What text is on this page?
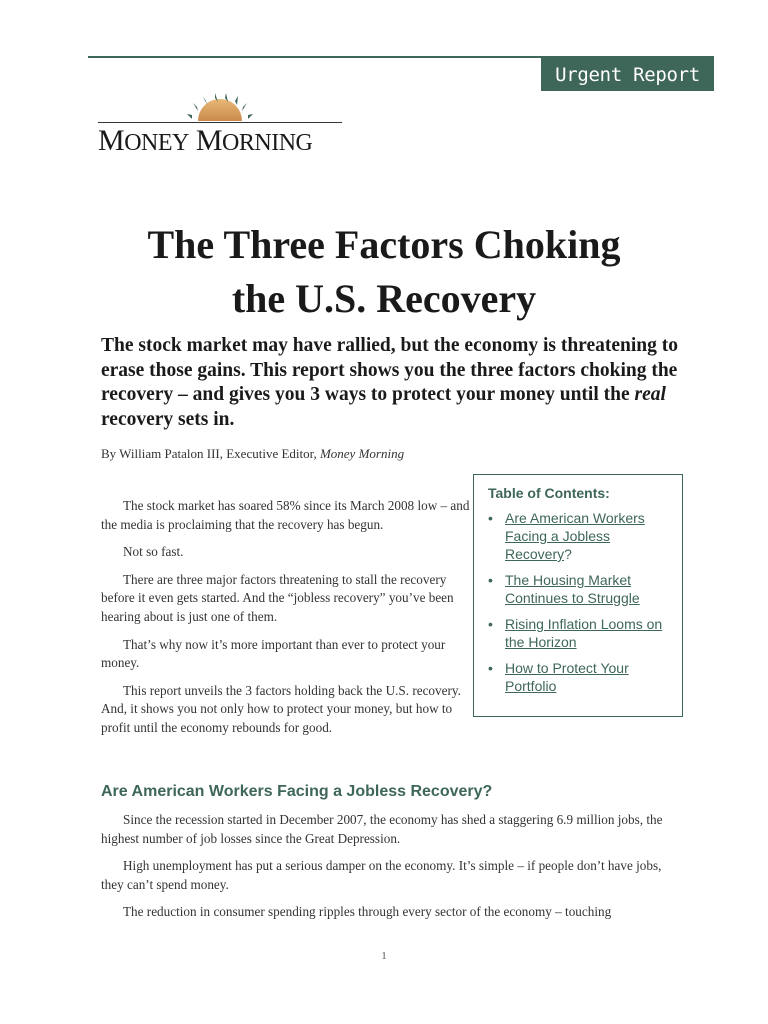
Urgent Report
MONEY MORNING
The Three Factors Choking
the U.S. Recovery
The stock market may have rallied, but the economy is threatening to erase those gains. This report shows you the three factors choking the recovery – and gives you 3 ways to protect your money until the real recovery sets in.
By William Patalon III, Executive Editor, Money Morning

The stock market has soared 58% since its March 2008 low – and the media is proclaiming that the recovery has begun.

Not so fast.

There are three major factors threatening to stall the recovery before it even gets started. And the “jobless recovery” you’ve been hearing about is just one of them.

That’s why now it’s more important than ever to protect your money.

This report unveils the 3 factors holding back the U.S. recovery. And, it shows you not only how to protect your money, but how to profit until the economy rebounds for good.

Table of Contents:
• Are American Workers Facing a Jobless Recovery?
• The Housing Market Continues to Struggle
• Rising Inflation Looms on the Horizon
• How to Protect Your Portfolio
Are American Workers Facing a Jobless Recovery?

Since the recession started in December 2007, the economy has shed a staggering 6.9 million jobs, the highest number of job losses since the Great Depression.

High unemployment has put a serious damper on the economy. It’s simple – if people don’t have jobs, they can’t spend money.

The reduction in consumer spending ripples through every sector of the economy – touching

1
